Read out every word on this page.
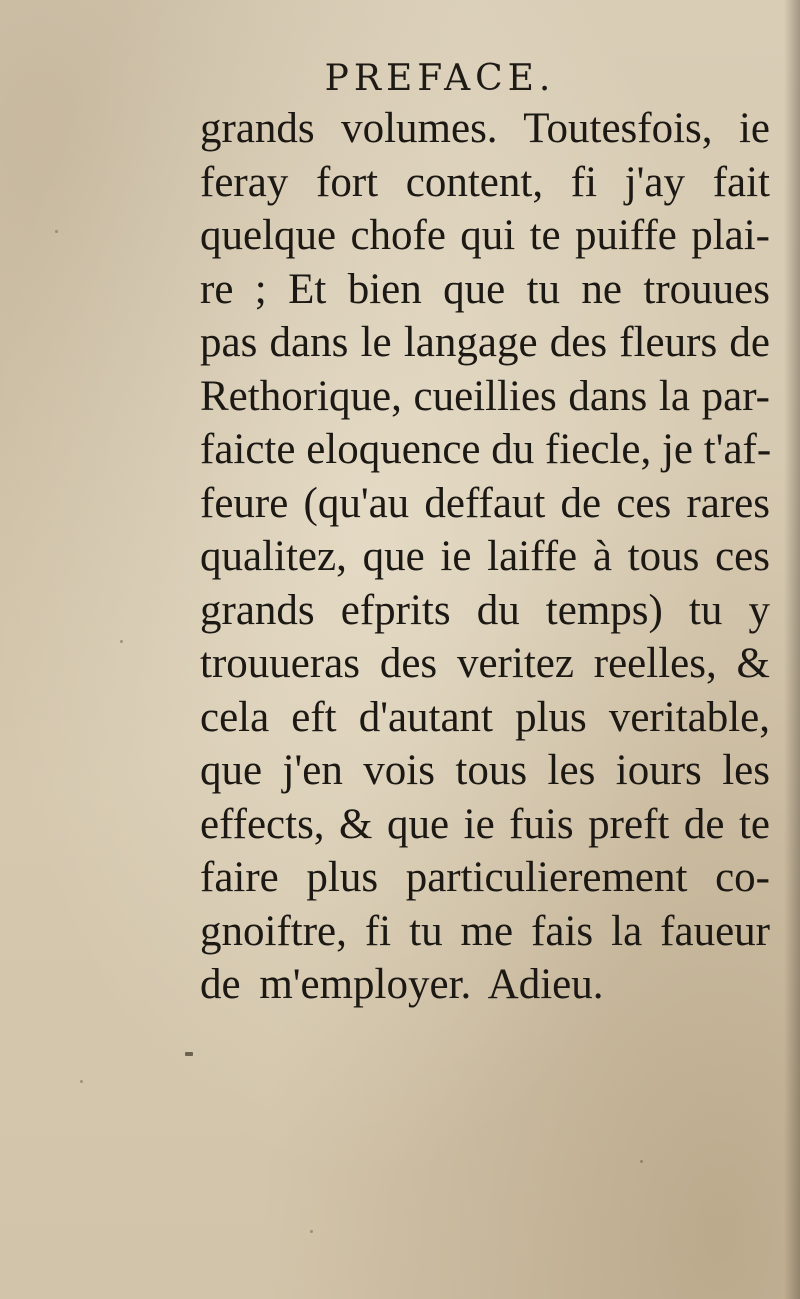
PREFACE.
grands volumes. Toutesfois, ie
feray fort content, fi j'ay fait
quelque chofe qui te puiffe plai-
re ; Et bien que tu ne trouues
pas dans le langage des fleurs de
Rethorique, cueillies dans la par-
faicte eloquence du fiecle, je t'af-
feure (qu'au deffaut de ces rares
qualitez, que ie laiffe à tous ces
grands efprits du temps) tu y
trouueras des veritez reelles, &
cela eft d'autant plus veritable,
que j'en vois tous les iours les
effects, & que ie fuis preft de te
faire plus particulierement co-
gnoiftre, fi tu me fais la faueur
de m'employer. Adieu.
